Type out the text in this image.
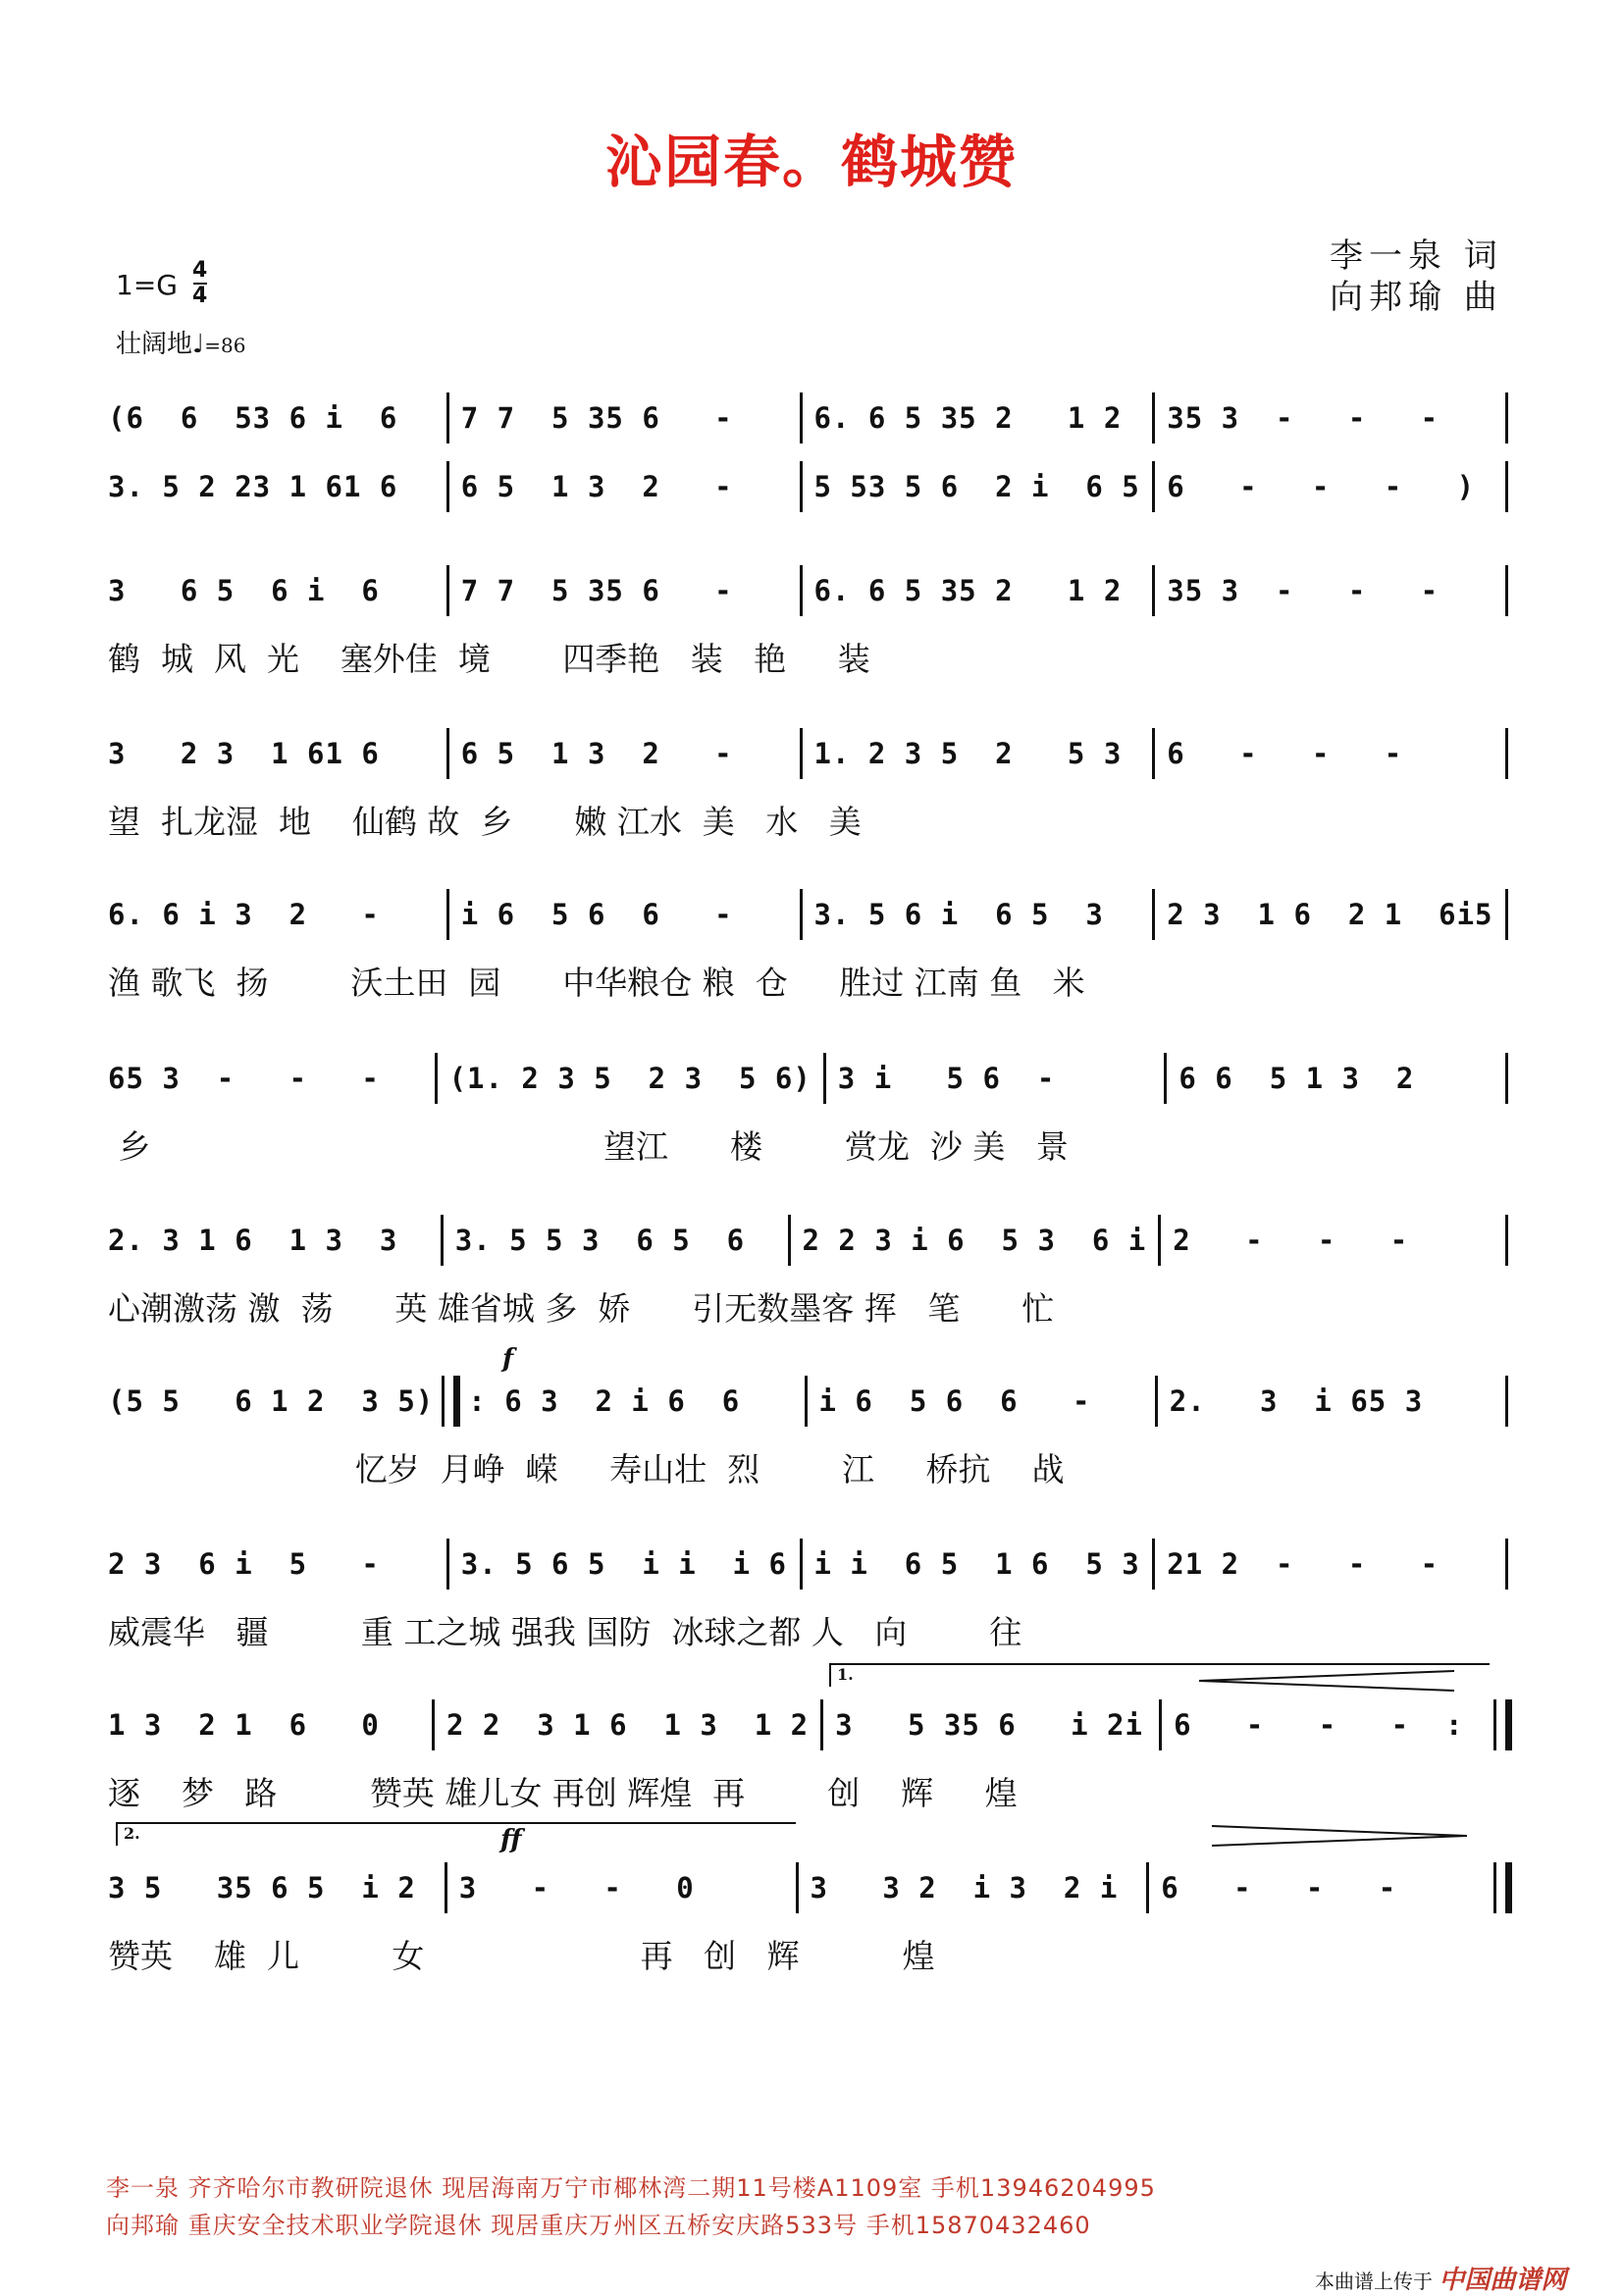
沁园春。鹤城赞
李一泉 词
向邦瑜 曲
1=G 4
4
壮阔地♩=86
(6  6  53 6 i  6	7 7  5 35 6   -	6. 6 5 35 2   1 2	35 3  -   -   -
3. 5 2 23 1 61 6	6 5  1 3  2   -	5 53 5 6  2 i  6 5 6   -   -   -   )
3   6 5  6 i  6	7 7  5 35 6   -	6. 6 5 35 2   1 2	35 3  -   -   -
鹤  城  风  光    塞外佳  境       四季艳   装   艳     装
3   2 3  1 61 6	6 5  1 3  2   -	1. 2 3 5  2   5 3	6   -   -   -
望  扎龙湿  地    仙鹤 故  乡      嫩 江水  美   水   美
6. 6 i 3  2   -	i 6  5 6  6   -	3. 5 6 i  6 5  3	2 3  1 6  2 1  6i5
渔 歌飞  扬        沃土田  园      中华粮仓 粮  仓     胜过 江南 鱼   米
65 3  -   -   -	(1. 2 3 5  2 3  5 6) 3 i   5 6  -	6 6  5 1 3  2
乡                                            望江      楼        赏龙  沙 美   景
2. 3 1 6  1 3  3	3. 5 5 3  6 5  6	2 2 3 i 6  5 3  6 i 2   -   -   -
心潮激荡 激  荡      英 雄省城 多  娇      引无数墨客 挥   笔      忙
(5 5   6 1 2  3 5) : 6 3  2 i 6  6	i 6  5 6  6   -	2.   3  i 65 3
忆岁  月峥  嵘     寿山壮  烈        江     桥抗    战
2 3  6 i  5   -	3. 5 6 5  i i  i 6 i i  6 5  1 6  5 3 21 2  -   -   -
威震华   疆         重 工之城 强我 国防  冰球之都 人   向        往
1 3  2 1  6   0	2 2  3 1 6  1 3  1 2 3   5 35 6   i 2i 6   -   -   -  :
逐    梦   路         赞英 雄儿女 再创 辉煌  再        创    辉     煌
3 5   35 6 5  i 2	3   -   -   0	3   3 2  i 3  2 i	6   -   -   -
赞英    雄  儿         女                     再   创   辉          煌
f
ff
1.
2.
李一泉 齐齐哈尔市教研院退休 现居海南万宁市椰林湾二期11号楼A1109室 手机13946204995
向邦瑜 重庆安全技术职业学院退休 现居重庆万州区五桥安庆路533号 手机15870432460
本曲谱上传于 中国曲谱网
